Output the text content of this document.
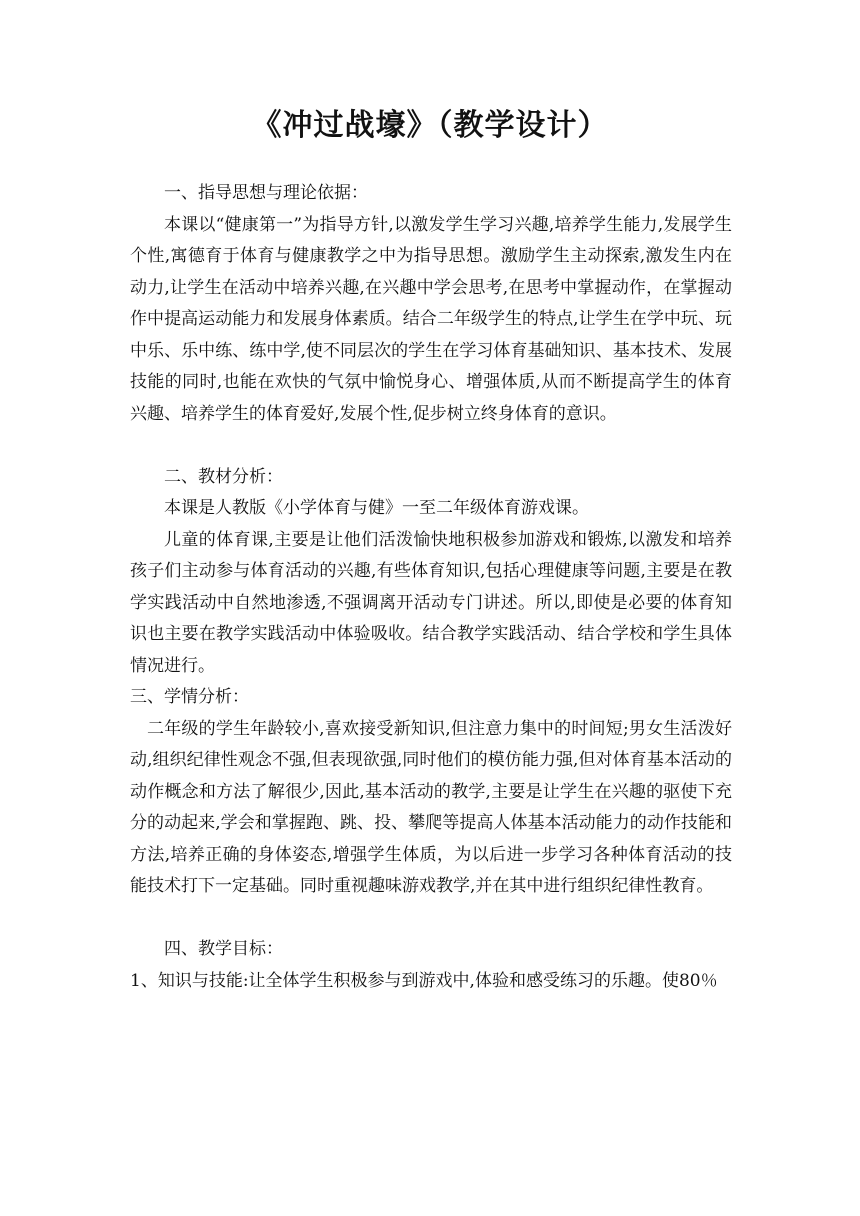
《冲过战壕》（教学设计）

一、指导思想与理论依据：

本课以“健康第一”为指导方针,以激发学生学习兴趣,培养学生能力,发展学生个性,寓德育于体育与健康教学之中为指导思想。激励学生主动探索,激发生内在动力,让学生在活动中培养兴趣,在兴趣中学会思考,在思考中掌握动作，在掌握动作中提高运动能力和发展身体素质。结合二年级学生的特点,让学生在学中玩、玩中乐、乐中练、练中学,使不同层次的学生在学习体育基础知识、基本技术、发展技能的同时,也能在欢快的气氛中愉悦身心、增强体质,从而不断提高学生的体育兴趣、培养学生的体育爱好,发展个性,促步树立终身体育的意识。

二、教材分析：

本课是人教版《小学体育与健》一至二年级体育游戏课。

儿童的体育课,主要是让他们活泼愉快地积极参加游戏和锻炼,以激发和培养孩子们主动参与体育活动的兴趣,有些体育知识,包括心理健康等问题,主要是在教学实践活动中自然地渗透,不强调离开活动专门讲述。所以,即使是必要的体育知识也主要在教学实践活动中体验吸收。结合教学实践活动、结合学校和学生具体情况进行。

三、学情分析：

二年级的学生年龄较小,喜欢接受新知识,但注意力集中的时间短;男女生活泼好动,组织纪律性观念不强,但表现欲强,同时他们的模仿能力强,但对体育基本活动的动作概念和方法了解很少,因此,基本活动的教学,主要是让学生在兴趣的驱使下充分的动起来,学会和掌握跑、跳、投、攀爬等提高人体基本活动能力的动作技能和方法,培养正确的身体姿态,增强学生体质，为以后进一步学习各种体育活动的技能技术打下一定基础。同时重视趣味游戏教学,并在其中进行组织纪律性教育。

四、教学目标：

1、知识与技能:让全体学生积极参与到游戏中,体验和感受练习的乐趣。使80％
